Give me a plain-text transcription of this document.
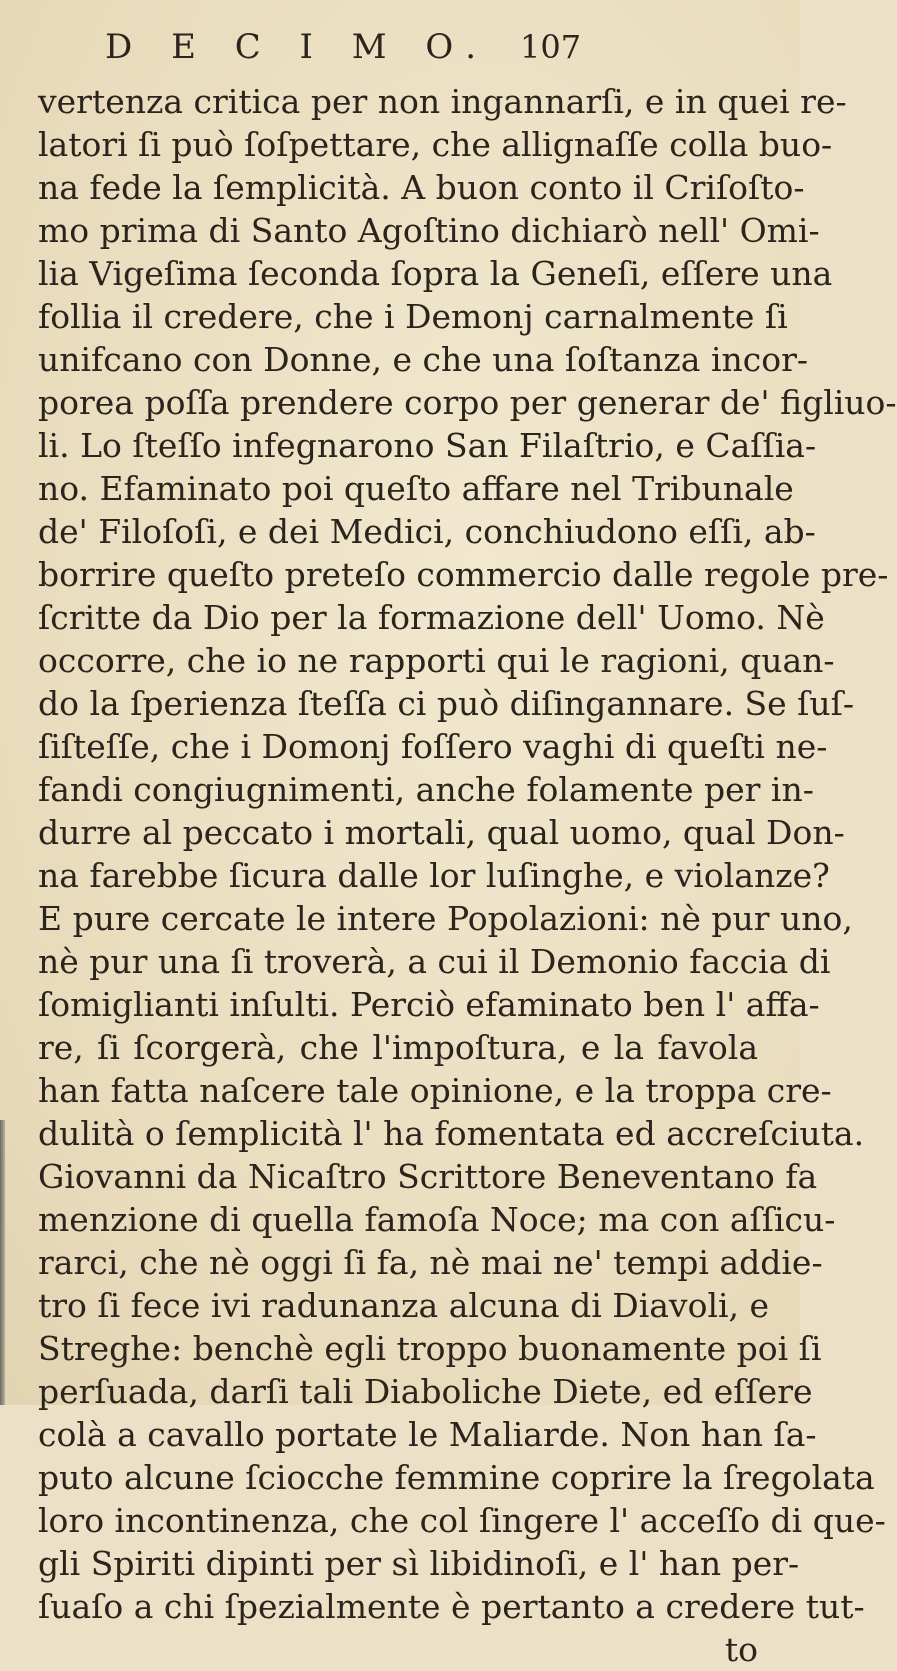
D E C I M O. 107
vertenza critica per non ingannarſi, e in quei re-
latori ſi può ſoſpettare, che allignaſſe colla buo-
na fede la ſemplicità. A buon conto il Criſoſto-
mo prima di Santo Agoſtino dichiarò nell' Omi-
lia Vigeſima ſeconda ſopra la Geneſi, eſſere una
follia il credere, che i Demonj carnalmente ſi
unifcano con Donne, e che una ſoſtanza incor-
porea poſſa prendere corpo per generar de' figliuo-
li. Lo ſteſſo infegnarono San Filaſtrio, e Caſſia-
no. Efaminato poi queſto affare nel Tribunale
de' Filoſoſi, e dei Medici, conchiudono eſſi, ab-
borrire queſto preteſo commercio dalle regole pre-
ſcritte da Dio per la formazione dell' Uomo. Nè
occorre, che io ne rapporti qui le ragioni, quan-
do la ſperienza ſteſſa ci può diſingannare. Se ſuſ-
ſiſteſſe, che i Domonj foſſero vaghi di queſti ne-
fandi congiugnimenti, anche folamente per in-
durre al peccato i mortali, qual uomo, qual Don-
na farebbe ſicura dalle lor luſinghe, e violanze?
E pure cercate le intere Popolazioni: nè pur uno,
nè pur una ſi troverà, a cui il Demonio faccia di
ſomiglianti inſulti. Perciò efaminato ben l' affa-
re, ſi ſcorgerà, che l'impoſtura, e la favola
han fatta naſcere tale opinione, e la troppa cre-
dulità o ſemplicità l' ha fomentata ed accreſciuta.
Giovanni da Nicaſtro Scrittore Beneventano fa
menzione di quella famoſa Noce; ma con aſſicu-
rarci, che nè oggi ſi fa, nè mai ne' tempi addie-
tro ſi fece ivi radunanza alcuna di Diavoli, e
Streghe: benchè egli troppo buonamente poi ſi
perſuada, darſi tali Diaboliche Diete, ed eſſere
colà a cavallo portate le Maliarde. Non han ſa-
puto alcune ſciocche femmine coprire la ſregolata
loro incontinenza, che col ſingere l' acceſſo di que-
gli Spiriti dipinti per sì libidinoſi, e l' han per-
ſuaſo a chi ſpezialmente è pertanto a credere tut-
to
